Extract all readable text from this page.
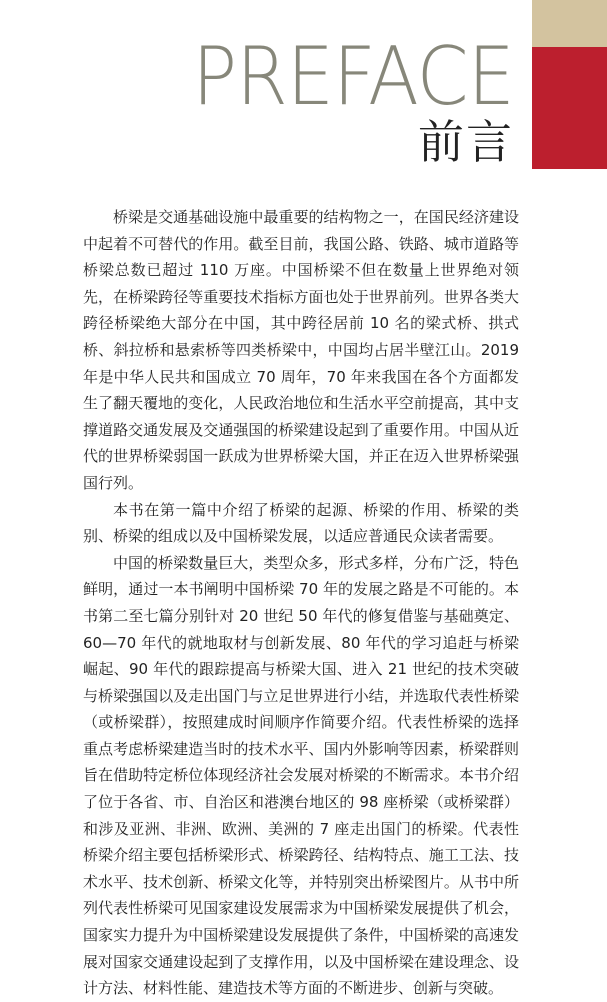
PREFACE
前言

桥梁是交通基础设施中最重要的结构物之一，在国民经济建设中起着不可替代的作用。截至目前，我国公路、铁路、城市道路等桥梁总数已超过 110 万座。中国桥梁不但在数量上世界绝对领先，在桥梁跨径等重要技术指标方面也处于世界前列。世界各类大跨径桥梁绝大部分在中国，其中跨径居前 10 名的梁式桥、拱式桥、斜拉桥和悬索桥等四类桥梁中，中国均占居半壁江山。2019 年是中华人民共和国成立 70 周年，70 年来我国在各个方面都发生了翻天覆地的变化，人民政治地位和生活水平空前提高，其中支撑道路交通发展及交通强国的桥梁建设起到了重要作用。中国从近代的世界桥梁弱国一跃成为世界桥梁大国，并正在迈入世界桥梁强国行列。

本书在第一篇中介绍了桥梁的起源、桥梁的作用、桥梁的类别、桥梁的组成以及中国桥梁发展，以适应普通民众读者需要。

中国的桥梁数量巨大，类型众多，形式多样，分布广泛，特色鲜明，通过一本书阐明中国桥梁 70 年的发展之路是不可能的。本书第二至七篇分别针对 20 世纪 50 年代的修复借鉴与基础奠定、60—70 年代的就地取材与创新发展、80 年代的学习追赶与桥梁崛起、90 年代的跟踪提高与桥梁大国、进入 21 世纪的技术突破与桥梁强国以及走出国门与立足世界进行小结，并选取代表性桥梁（或桥梁群），按照建成时间顺序作简要介绍。代表性桥梁的选择重点考虑桥梁建造当时的技术水平、国内外影响等因素，桥梁群则旨在借助特定桥位体现经济社会发展对桥梁的不断需求。本书介绍了位于各省、市、自治区和港澳台地区的 98 座桥梁（或桥梁群）和涉及亚洲、非洲、欧洲、美洲的 7 座走出国门的桥梁。代表性桥梁介绍主要包括桥梁形式、桥梁跨径、结构特点、施工工法、技术水平、技术创新、桥梁文化等，并特别突出桥梁图片。从书中所列代表性桥梁可见国家建设发展需求为中国桥梁发展提供了机会，国家实力提升为中国桥梁建设发展提供了条件，中国桥梁的高速发展对国家交通建设起到了支撑作用，以及中国桥梁在建设理念、设计方法、材料性能、建造技术等方面的不断进步、创新与突破。
